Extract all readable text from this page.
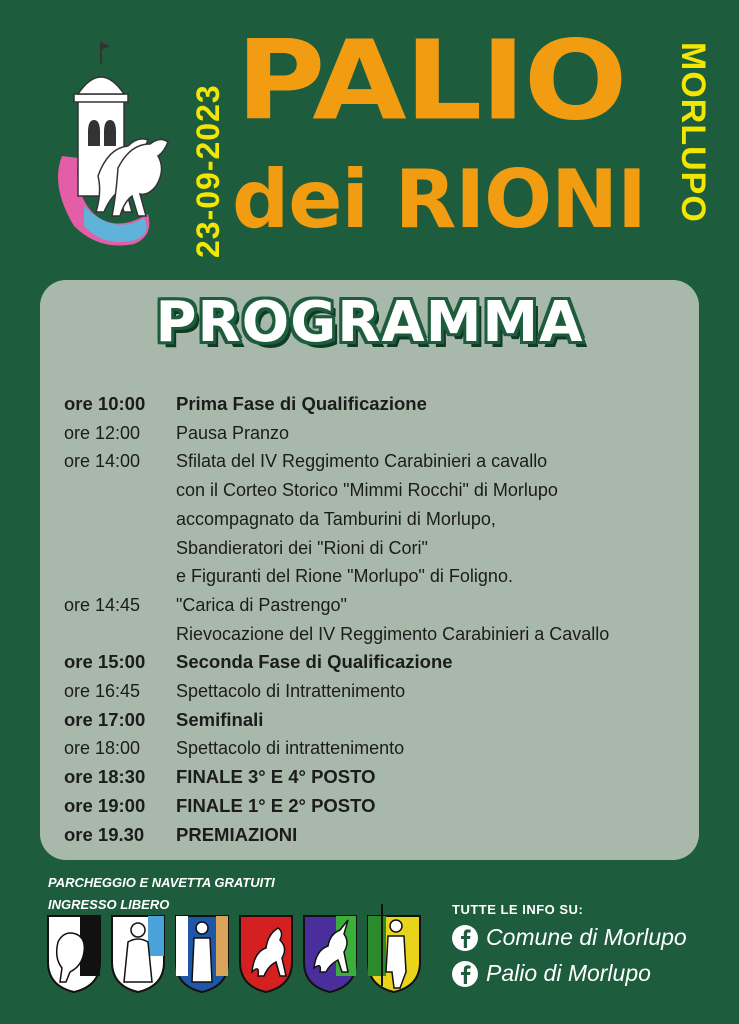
23-09-2023
PALIO
dei RIONI MORLUPO
PROGRAMMA
ore 10:00	Prima Fase di Qualificazione
ore 12:00	Pausa Pranzo
ore 14:00	Sfilata del IV Reggimento Carabinieri a cavallo
con il Corteo Storico "Mimmi Rocchi" di Morlupo
accompagnato da Tamburini di Morlupo,
Sbandieratori dei "Rioni di Cori"
e Figuranti del Rione "Morlupo" di Foligno.
ore 14:45	"Carica di Pastrengo"
Rievocazione del IV Reggimento Carabinieri a Cavallo
ore 15:00	Seconda Fase di Qualificazione
ore 16:45	Spettacolo di Intrattenimento
ore 17:00	Semifinali
ore 18:00	Spettacolo di intrattenimento
ore 18:30	FINALE 3° E 4° POSTO
ore 19:00	FINALE 1° E 2° POSTO
ore 19.30	PREMIAZIONI
PARCHEGGIO E NAVETTA GRATUITI
INGRESSO LIBERO	TUTTE LE INFO SU:
Comune di Morlupo
Palio di Morlupo
